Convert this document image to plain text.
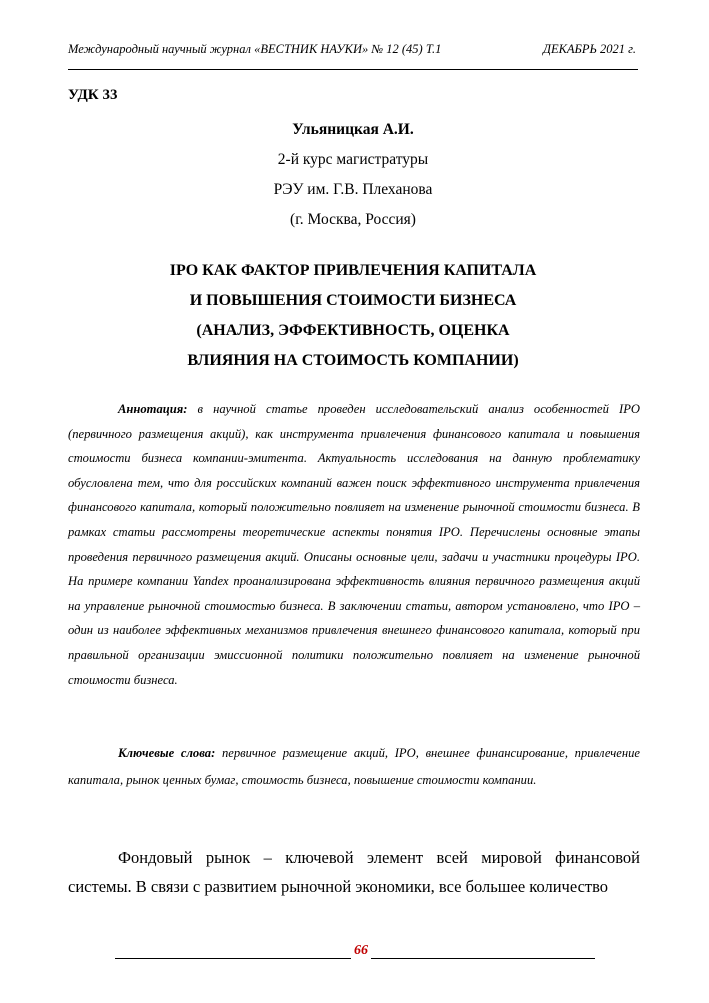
Международный научный журнал «ВЕСТНИК НАУКИ» № 12 (45) Т.1	ДЕКАБРЬ 2021 г.
УДК 33
Ульяницкая А.И.
2-й курс магистратуры
РЭУ им. Г.В. Плеханова
(г. Москва, Россия)
IPO КАК ФАКТОР ПРИВЛЕЧЕНИЯ КАПИТАЛА
И ПОВЫШЕНИЯ СТОИМОСТИ БИЗНЕСА
(АНАЛИЗ, ЭФФЕКТИВНОСТЬ, ОЦЕНКА
ВЛИЯНИЯ НА СТОИМОСТЬ КОМПАНИИ)
Аннотация: в научной статье проведен исследовательский анализ особенностей IPO (первичного размещения акций), как инструмента привлечения финансового капитала и повышения стоимости бизнеса компании-эмитента. Актуальность исследования на данную проблематику обусловлена тем, что для российских компаний важен поиск эффективного инструмента привлечения финансового капитала, который положительно повлияет на изменение рыночной стоимости бизнеса. В рамках статьи рассмотрены теоретические аспекты понятия IPO. Перечислены основные этапы проведения первичного размещения акций. Описаны основные цели, задачи и участники процедуры IPO. На примере компании Yandex проанализирована эффективность влияния первичного размещения акций на управление рыночной стоимостью бизнеса. В заключении статьи, автором установлено, что IPO – один из наиболее эффективных механизмов привлечения внешнего финансового капитала, который при правильной организации эмиссионной политики положительно повлияет на изменение рыночной стоимости бизнеса.
Ключевые слова: первичное размещение акций, IPO, внешнее финансирование, привлечение капитала, рынок ценных бумаг, стоимость бизнеса, повышение стоимости компании.
Фондовый рынок – ключевой элемент всей мировой финансовой системы. В связи с развитием рыночной экономики, все большее количество
66
